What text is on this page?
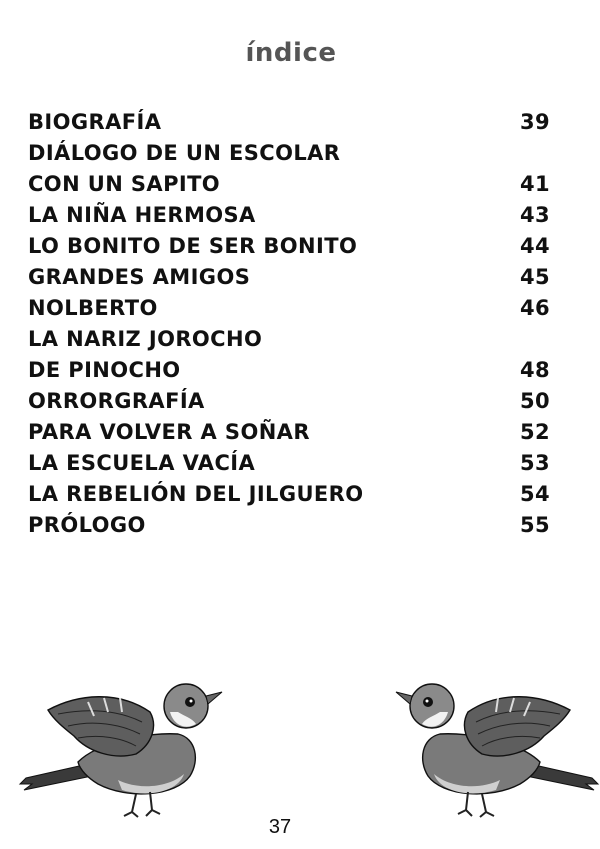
índice
BIOGRAFÍA	39
DIÁLOGO DE UN ESCOLAR
CON UN SAPITO	41
LA NIÑA HERMOSA	43
LO BONITO DE SER BONITO	44
GRANDES AMIGOS	45
NOLBERTO	46
LA NARIZ JOROCHO
DE PINOCHO	48
ORRORGRAFÍA	50
PARA VOLVER A SOÑAR	52
LA ESCUELA VACÍA	53
LA REBELIÓN DEL JILGUERO	54
PRÓLOGO	55
37
